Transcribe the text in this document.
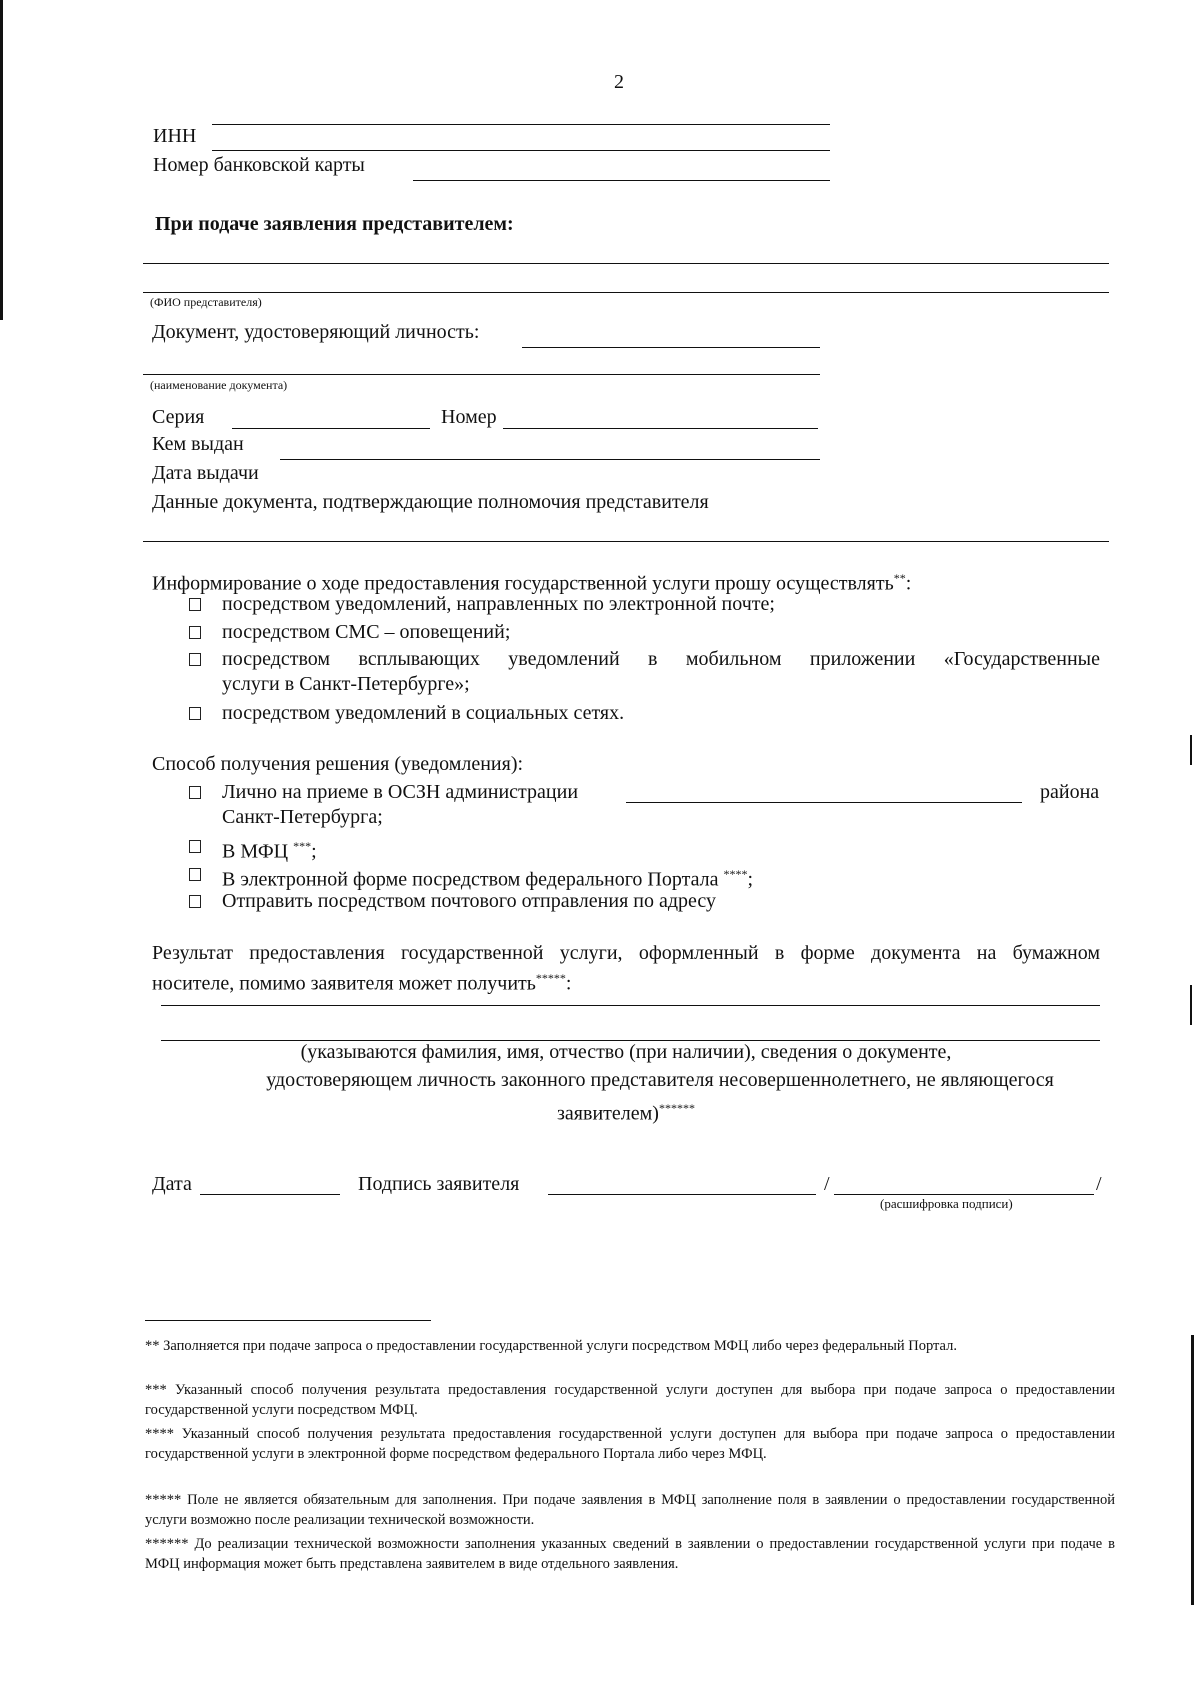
2
ИНН
Номер банковской карты
При подаче заявления представителем:
(ФИО представителя)
Документ, удостоверяющий личность:
(наименование документа)
Серия	Номер
Кем выдан
Дата выдачи
Данные документа, подтверждающие полномочия представителя
Информирование о ходе предоставления государственной услуги прошу осуществлять**:
посредством уведомлений, направленных по электронной почте;
посредством СМС – оповещений;
посредством всплывающих уведомлений в мобильном приложении «Государственные
услуги в Санкт-Петербурге»;
посредством уведомлений в социальных сетях.
Способ получения решения (уведомления):
Лично на приеме в ОСЗН администрации	района
Санкт-Петербурга;
В МФЦ ***;
В электронной форме посредством федерального Портала ****;
Отправить посредством почтового отправления по адресу
Результат предоставления государственной услуги, оформленный в форме документа на бумажном
носителе, помимо заявителя может получить*****:
(указываются фамилия, имя, отчество (при наличии), сведения о документе,
удостоверяющем личность законного представителя несовершеннолетнего, не являющегося
заявителем)******
Дата	Подпись заявителя	/	/
(расшифровка подписи)
** Заполняется при подаче запроса о предоставлении государственной услуги посредством МФЦ либо через федеральный Портал.
*** Указанный способ получения результата предоставления государственной услуги доступен для выбора при подаче запроса о предоставлении государственной услуги посредством МФЦ.
**** Указанный способ получения результата предоставления государственной услуги доступен для выбора при подаче запроса о предоставлении государственной услуги в электронной форме посредством федерального Портала либо через МФЦ.
***** Поле не является обязательным для заполнения. При подаче заявления в МФЦ заполнение поля в заявлении о предоставлении государственной услуги возможно после реализации технической возможности.
****** До реализации технической возможности заполнения указанных сведений в заявлении о предоставлении государственной услуги при подаче в МФЦ информация может быть представлена заявителем в виде отдельного заявления.
